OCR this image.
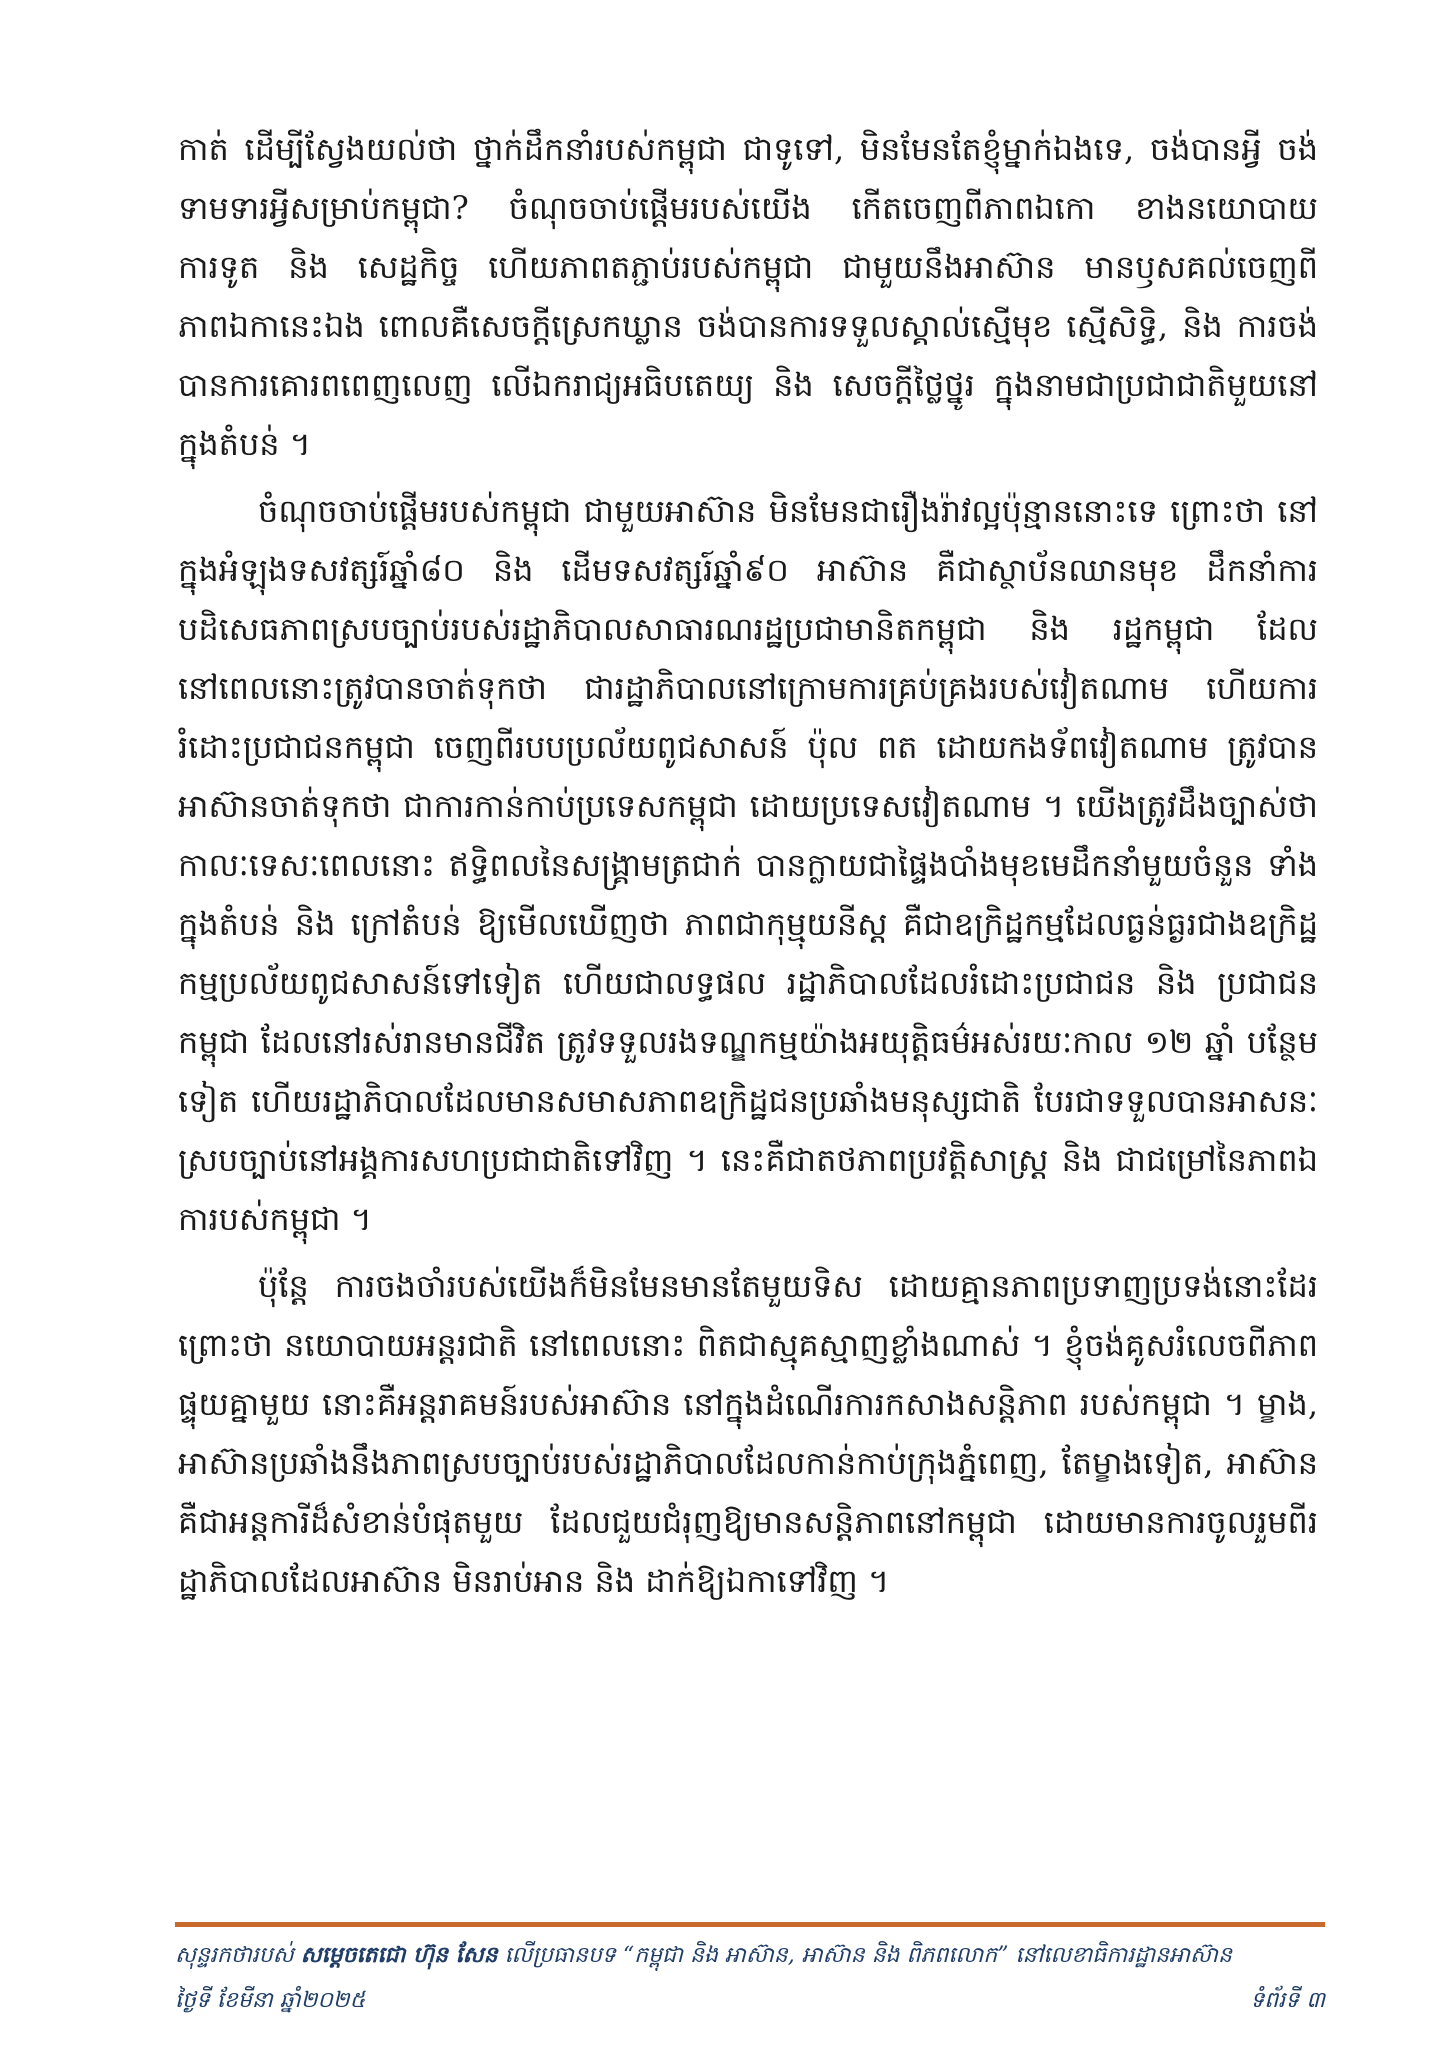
កាត់ ដើម្បីស្វែងយល់ថា ថ្នាក់ដឹកនាំរបស់កម្ពុជា ជាទូទៅ, មិនមែនតែខ្ញុំម្នាក់ឯងទេ, ចង់បានអ្វី ចង់ទាមទារអ្វីសម្រាប់កម្ពុជា? ចំណុចចាប់ផ្ដើមរបស់យើង កើតចេញពីភាពឯកោ ខាងនយោបាយ ការទូត និង សេដ្ឋកិច្ច ហើយភាពតភ្ជាប់របស់កម្ពុជា ជាមួយនឹងអាស៊ាន មានឫសគល់ចេញពីភាពឯកានេះឯង ពោលគឺសេចក្ដីស្រេកឃ្លាន ចង់បានការទទួលស្គាល់ស្មើមុខ ស្មើសិទ្ធិ, និង ការចង់បានការគោរពពេញលេញ លើឯករាជ្យអធិបតេយ្យ និង សេចក្ដីថ្លៃថ្នូរ ក្នុងនាមជាប្រជាជាតិមួយនៅក្នុងតំបន់ ។

ចំណុចចាប់ផ្ដើមរបស់កម្ពុជា ជាមួយអាស៊ាន មិនមែនជារឿងរ៉ាវល្អប៉ុន្មាននោះទេ ព្រោះថា នៅក្នុងអំឡុងទសវត្សរ៍ឆ្នាំ៨០ និង ដើមទសវត្សរ៍ឆ្នាំ៩០ អាស៊ាន គឺជាស្ថាប័នឈានមុខ ដឹកនាំការបដិសេធភាពស្របច្បាប់របស់រដ្ឋាភិបាលសាធារណរដ្ឋប្រជាមានិតកម្ពុជា និង រដ្ឋកម្ពុជា ដែលនៅពេលនោះត្រូវបានចាត់ទុកថា ជារដ្ឋាភិបាលនៅក្រោមការគ្រប់គ្រងរបស់វៀតណាម ហើយការរំដោះប្រជាជនកម្ពុជា ចេញពីរបបប្រល័យពូជសាសន៍ ប៉ុល ពត ដោយកងទ័ពវៀតណាម ត្រូវបានអាស៊ានចាត់ទុកថា ជាការកាន់កាប់ប្រទេសកម្ពុជា ដោយប្រទេសវៀតណាម ។ យើងត្រូវដឹងច្បាស់ថា កាលៈទេសៈពេលនោះ ឥទ្ធិពលនៃសង្គ្រាមត្រជាក់ បានក្លាយជាផ្ទៃងបាំងមុខមេដឹកនាំមួយចំនួន ទាំងក្នុងតំបន់ និង ក្រៅតំបន់ ឱ្យមើលឃើញថា ភាពជាកុម្មុយនីស្ត គឺជាឧក្រិដ្ឋកម្មដែលធ្ងន់ធ្ងរជាងឧក្រិដ្ឋកម្មប្រល័យពូជសាសន៍ទៅទៀត ហើយជាលទ្ធផល រដ្ឋាភិបាលដែលរំដោះប្រជាជន និង ប្រជាជនកម្ពុជា ដែលនៅរស់រានមានជីវិត ត្រូវទទួលរងទណ្ឌកម្មយ៉ាងអយុត្តិធម៌អស់រយៈកាល ១២ ឆ្នាំ បន្ថែមទៀត ហើយរដ្ឋាភិបាលដែលមានសមាសភាពឧក្រិដ្ឋជនប្រឆាំងមនុស្សជាតិ បែរជាទទួលបានអាសនៈស្របច្បាប់នៅអង្គការសហប្រជាជាតិទៅវិញ ។ នេះគឺជាតថភាពប្រវត្តិសាស្ត្រ និង ជាជម្រៅនៃភាពឯការបស់កម្ពុជា ។

ប៉ុន្តែ ការចងចាំរបស់យើងក៏មិនមែនមានតែមួយទិស ដោយគ្មានភាពប្រទាញប្រទង់នោះដែរ ព្រោះថា នយោបាយអន្តរជាតិ នៅពេលនោះ ពិតជាស្មុគស្មាញខ្លាំងណាស់ ។ ខ្ញុំចង់គូសរំលេចពីភាពផ្ទុយគ្នាមួយ នោះគឺអន្តរាគមន៍របស់អាស៊ាន នៅក្នុងដំណើរការកសាងសន្តិភាព របស់កម្ពុជា ។ ម្ខាង, អាស៊ានប្រឆាំងនឹងភាពស្របច្បាប់របស់រដ្ឋាភិបាលដែលកាន់កាប់ក្រុងភ្នំពេញ, តែម្ខាងទៀត, អាស៊ានគឺជាអន្តការីដ៏សំខាន់បំផុតមួយ ដែលជួយជំរុញឱ្យមានសន្តិភាពនៅកម្ពុជា ដោយមានការចូលរួមពីរដ្ឋាភិបាលដែលអាស៊ាន មិនរាប់អាន និង ដាក់ឱ្យឯកាទៅវិញ ។

សុន្ទរកថារបស់ សម្តេចតេជោ ហ៊ុន សែន លើប្រធានបទ “កម្ពុជា និង អាស៊ាន, អាស៊ាន និង ពិភពលោក” នៅលេខាធិការដ្ឋានអាស៊ាន
ថ្ងៃទី ខែមីនា ឆ្នាំ២០២៥	ទំព័រទី ៣
